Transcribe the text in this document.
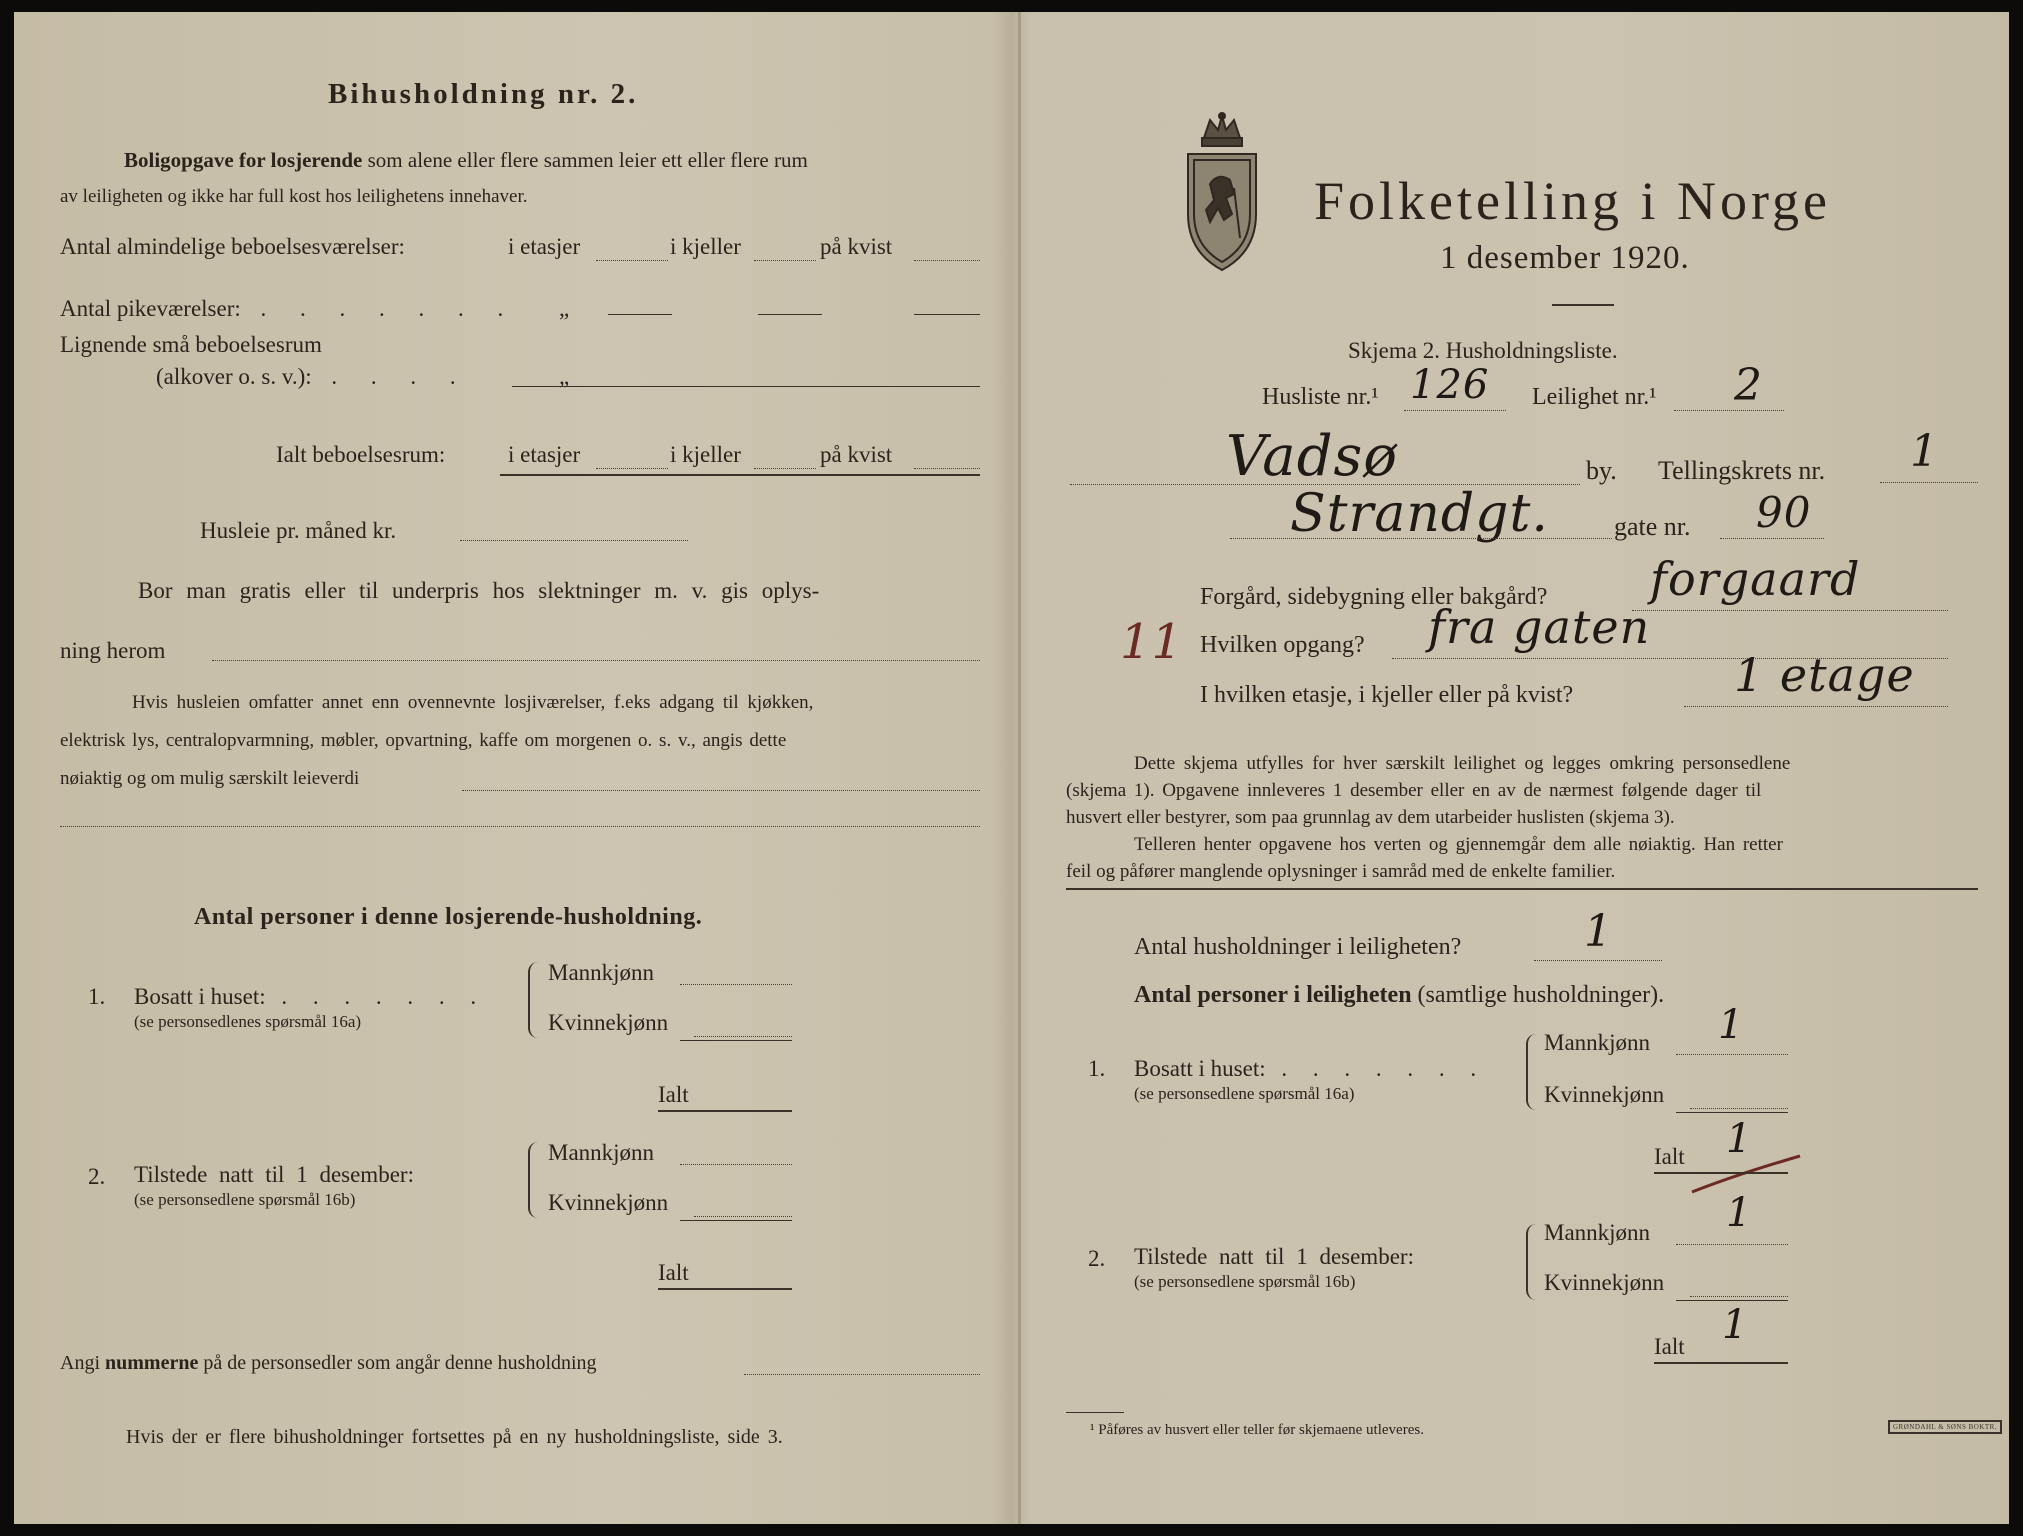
Bihusholdning nr. 2.
Boligopgave for losjerende som alene eller flere sammen leier ett eller flere rum
av leiligheten og ikke har full kost hos leilighetens innehaver.
Antal almindelige beboelsesværelser:	i etasjer	i kjeller	på kvist
Antal pikeværelser: . . . . . . . „
Lignende små beboelsesrum
(alkover o. s. v.): . . . .	„
Ialt beboelsesrum:	i etasjer	i kjeller	på kvist
Husleie pr. måned kr.
Bor man gratis eller til underpris hos slektninger m. v. gis oplys-
ning herom
Hvis husleien omfatter annet enn ovennevnte losjiværelser, f.eks adgang til kjøkken,
elektrisk lys, centralopvarmning, møbler, opvartning, kaffe om morgenen o. s. v., angis dette
nøiaktig og om mulig særskilt leieverdi
Antal personer i denne losjerende-husholdning.
1. Bosatt i huset: . . . . . . .
(se personsedlenes spørsmål 16a)
Mannkjønn
Kvinnekjønn
Ialt
2. Tilstede natt til 1 desember:
(se personsedlene spørsmål 16b)
Mannkjønn
Kvinnekjønn
Ialt
Angi nummerne på de personsedler som angår denne husholdning
Hvis der er flere bihusholdninger fortsettes på en ny husholdningsliste, side 3.
Folketelling i Norge
1 desember 1920.
Skjema 2. Husholdningsliste.
Husliste nr.¹ 126 Leilighet nr.¹ 2
Vadsø	by. Tellingskrets nr. 1
Strandgt.	gate nr. 90
Forgård, sidebygning eller bakgård? forgaard
11 Hvilken opgang? fra gaten
I hvilken etasje, i kjeller eller på kvist?	1 etage
Dette skjema utfylles for hver særskilt leilighet og legges omkring personsedlene
(skjema 1). Opgavene innleveres 1 desember eller en av de nærmest følgende dager til
husvert eller bestyrer, som paa grunnlag av dem utarbeider huslisten (skjema 3).
Telleren henter opgavene hos verten og gjennemgår dem alle nøiaktig. Han retter
feil og påfører manglende oplysninger i samråd med de enkelte familier.
Antal husholdninger i leiligheten?	1
Antal personer i leiligheten (samtlige husholdninger).
1. Bosatt i huset: . . . . . . .
(se personsedlene spørsmål 16a)
Mannkjønn 1
Kvinnekjønn
Ialt 1
2. Tilstede natt til 1 desember:
(se personsedlene spørsmål 16b)
Mannkjønn 1
Kvinnekjønn
Ialt 1
¹ Påføres av husvert eller teller før skjemaene utleveres.	GRØNDAHL & SØNS BOKTR.
